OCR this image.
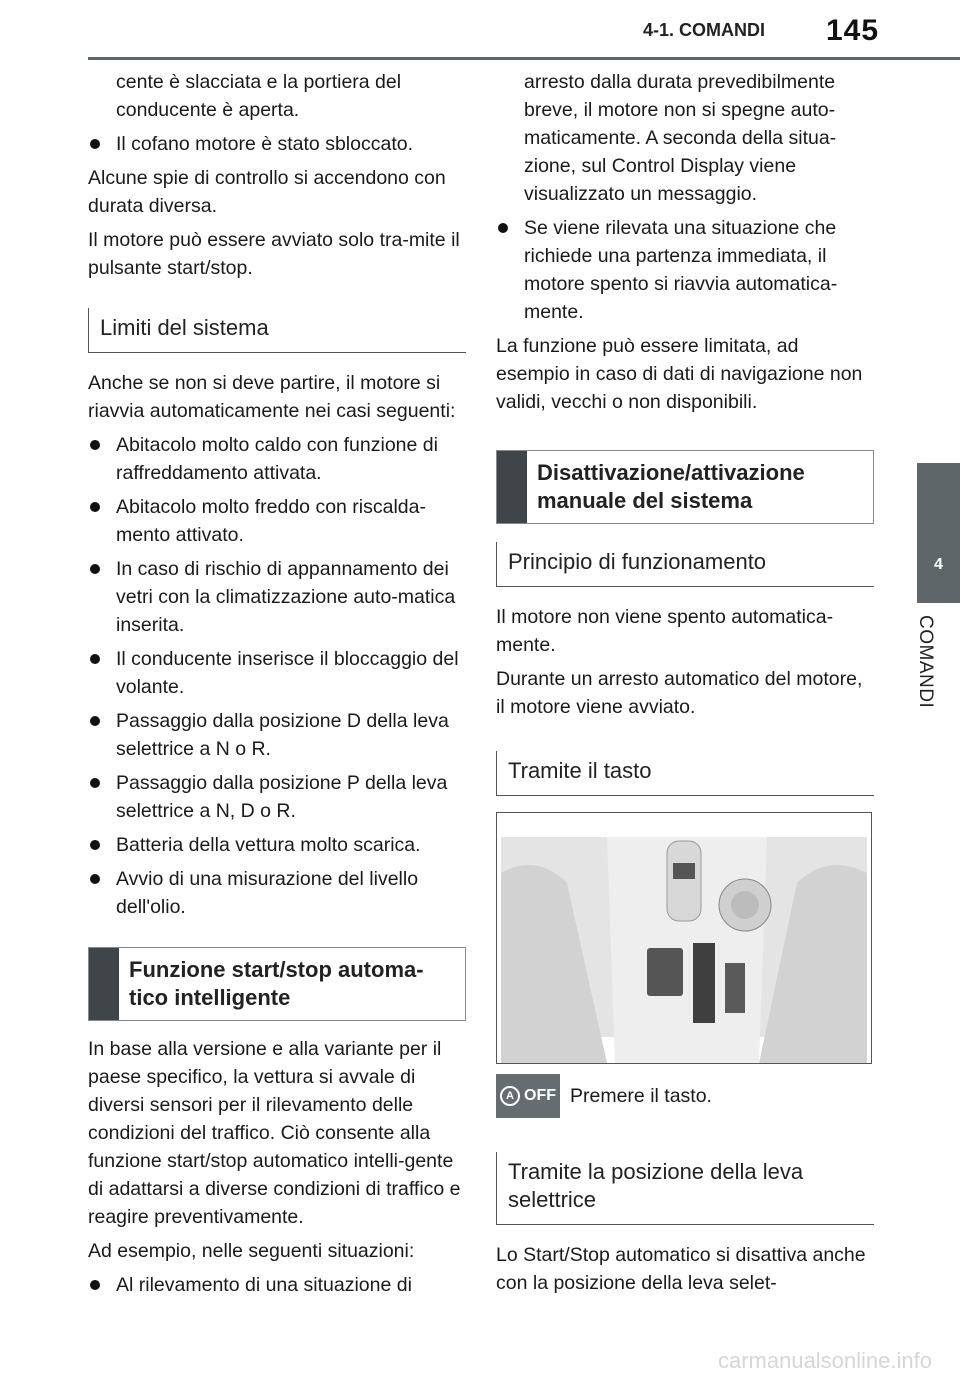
4-1. COMANDI 145
4
COMANDI

cente è slacciata e la portiera del conducente è aperta.

Il cofano motore è stato sbloccato.

Alcune spie di controllo si accendono con durata diversa.

Il motore può essere avviato solo tra-mite il pulsante start/stop.

Limiti del sistema

Anche se non si deve partire, il motore si riavvia automaticamente nei casi seguenti:

Abitacolo molto caldo con funzione di raffreddamento attivata.
Abitacolo molto freddo con riscalda-mento attivato.
In caso di rischio di appannamento dei vetri con la climatizzazione auto-matica inserita.
Il conducente inserisce il bloccaggio del volante.
Passaggio dalla posizione D della leva selettrice a N o R.
Passaggio dalla posizione P della leva selettrice a N, D o R.
Batteria della vettura molto scarica.
Avvio di una misurazione del livello dell'olio.
Funzione start/stop automa-tico intelligente

In base alla versione e alla variante per il paese specifico, la vettura si avvale di diversi sensori per il rilevamento delle condizioni del traffico. Ciò consente alla funzione start/stop automatico intelli-gente di adattarsi a diverse condizioni di traffico e reagire preventivamente.

Ad esempio, nelle seguenti situazioni:

Al rilevamento di una situazione di

arresto dalla durata prevedibilmente breve, il motore non si spegne auto-maticamente. A seconda della situa-zione, sul Control Display viene visualizzato un messaggio.

Se viene rilevata una situazione che richiede una partenza immediata, il motore spento si riavvia automatica-mente.

La funzione può essere limitata, ad esempio in caso di dati di navigazione non validi, vecchi o non disponibili.

Disattivazione/attivazione manuale del sistema
Principio di funzionamento

Il motore non viene spento automatica-mente.

Durante un arresto automatico del motore, il motore viene avviato.

Tramite il tasto
A OFF Premere il tasto.
Tramite la posizione della leva selettrice

Lo Start/Stop automatico si disattiva anche con la posizione della leva selet-

carmanualsonline.info
